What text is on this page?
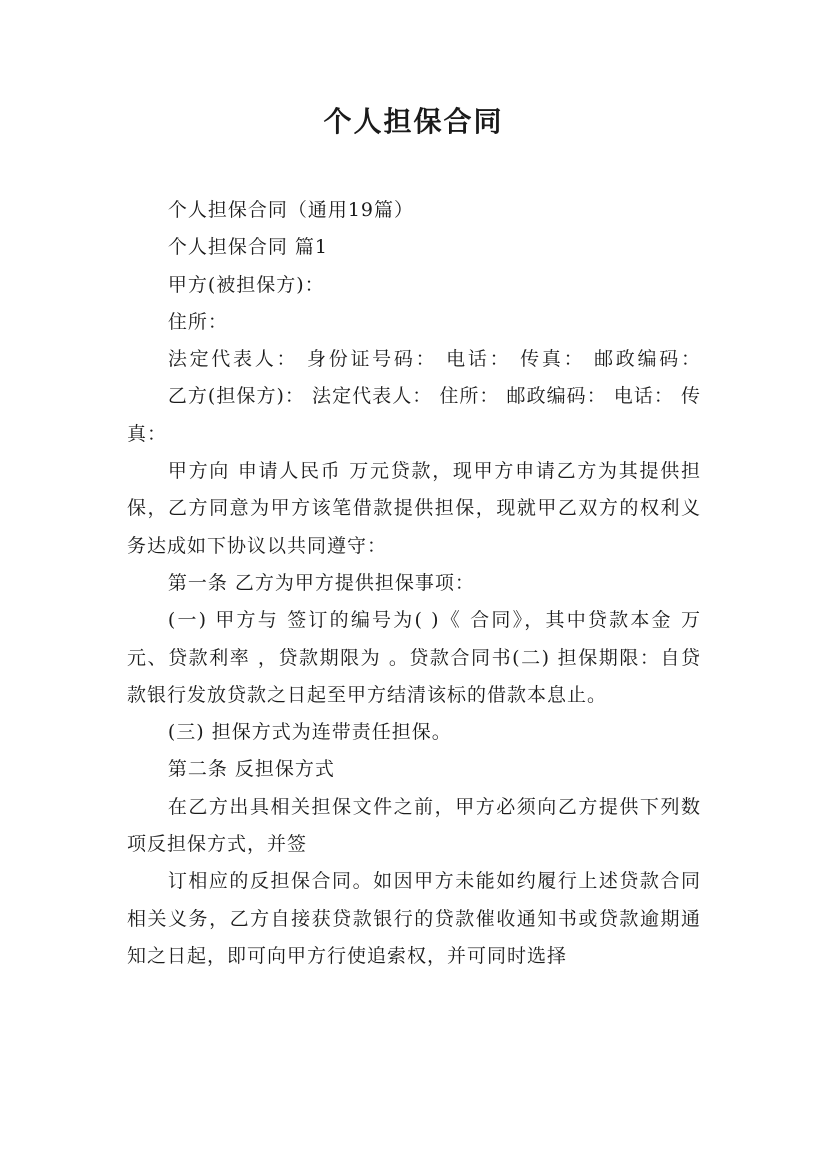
个人担保合同

个人担保合同（通用19篇）

个人担保合同 篇1

甲方(被担保方)：

住所：

法定代表人： 身份证号码： 电话： 传真： 邮政编码：

乙方(担保方)： 法定代表人： 住所： 邮政编码： 电话： 传真：

甲方向 申请人民币 万元贷款，现甲方申请乙方为其提供担保，乙方同意为甲方该笔借款提供担保，现就甲乙双方的权利义务达成如下协议以共同遵守：

第一条 乙方为甲方提供担保事项：

(一) 甲方与 签订的编号为( )《 合同》，其中贷款本金 万元、贷款利率 ，贷款期限为 。贷款合同书(二) 担保期限：自贷款银行发放贷款之日起至甲方结清该标的借款本息止。

(三) 担保方式为连带责任担保。

第二条 反担保方式

在乙方出具相关担保文件之前，甲方必须向乙方提供下列数项反担保方式，并签

订相应的反担保合同。如因甲方未能如约履行上述贷款合同相关义务，乙方自接获贷款银行的贷款催收通知书或贷款逾期通知之日起，即可向甲方行使追索权，并可同时选择
